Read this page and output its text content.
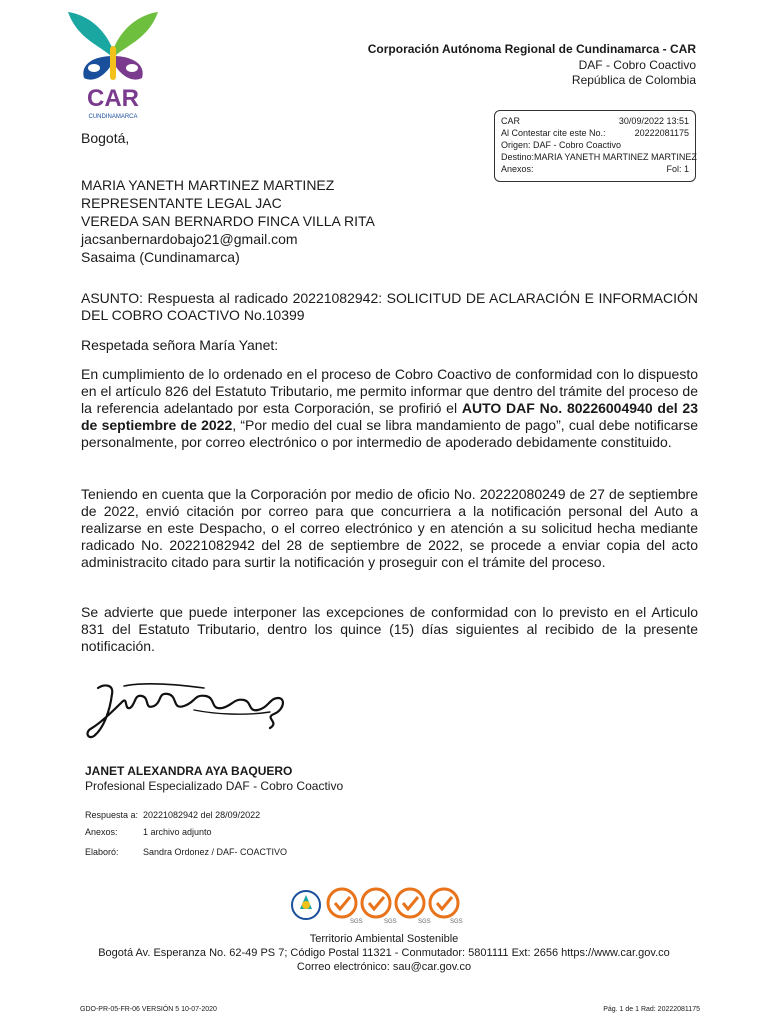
CAR
CUNDINAMARCA
Corporación Autónoma Regional de Cundinamarca - CAR
DAF - Cobro Coactivo
República de Colombia
CAR	30/09/2022 13:51
Al Contestar cite este No.:	20222081175
Origen: DAF - Cobro Coactivo
Destino:MARIA YANETH MARTINEZ MARTINEZ
Anexos:	Fol: 1
Bogotá,
MARIA YANETH MARTINEZ MARTINEZ
REPRESENTANTE LEGAL JAC
VEREDA SAN BERNARDO FINCA VILLA RITA
jacsanbernardobajo21@gmail.com
Sasaima (Cundinamarca)
ASUNTO: Respuesta al radicado 20221082942: SOLICITUD DE ACLARACIÓN E INFORMACIÓN DEL COBRO COACTIVO No.10399
Respetada señora María Yanet:
En cumplimiento de lo ordenado en el proceso de Cobro Coactivo de conformidad con lo dispuesto en el artículo 826 del Estatuto Tributario, me permito informar que dentro del trámite del proceso de la referencia adelantado por esta Corporación, se profirió el AUTO DAF No. 80226004940 del 23 de septiembre de 2022, “Por medio del cual se libra mandamiento de pago”, cual debe notificarse personalmente, por correo electrónico o por intermedio de apoderado debidamente constituido.
Teniendo en cuenta que la Corporación por medio de oficio No. 20222080249 de 27 de septiembre de 2022, envió citación por correo para que concurriera a la notificación personal del Auto a realizarse en este Despacho, o el correo electrónico y en atención a su solicitud hecha mediante radicado No. 20221082942 del 28 de septiembre de 2022, se procede a enviar copia del acto administracito citado para surtir la notificación y proseguir con el trámite del proceso.
Se advierte que puede interponer las excepciones de conformidad con lo previsto en el Articulo 831 del Estatuto Tributario, dentro los quince (15) días siguientes al recibido de la presente notificación.
JANET ALEXANDRA AYA BAQUERO
Profesional Especializado DAF - Cobro Coactivo
Respuesta a: 20221082942 del 28/09/2022
Anexos:	1 archivo adjunto
Elaboró:	Sandra Ordonez / DAF- COACTIVO
SGS	SGS	SGS	SGS
Territorio Ambiental Sostenible
Bogotá Av. Esperanza No. 62-49 PS 7; Código Postal 11321 - Conmutador: 5801111 Ext: 2656 https://www.car.gov.co
Correo electrónico: sau@car.gov.co
GDO-PR-05-FR-06 VERSIÓN 5 10-07-2020	Pág. 1 de 1 Rad: 20222081175
